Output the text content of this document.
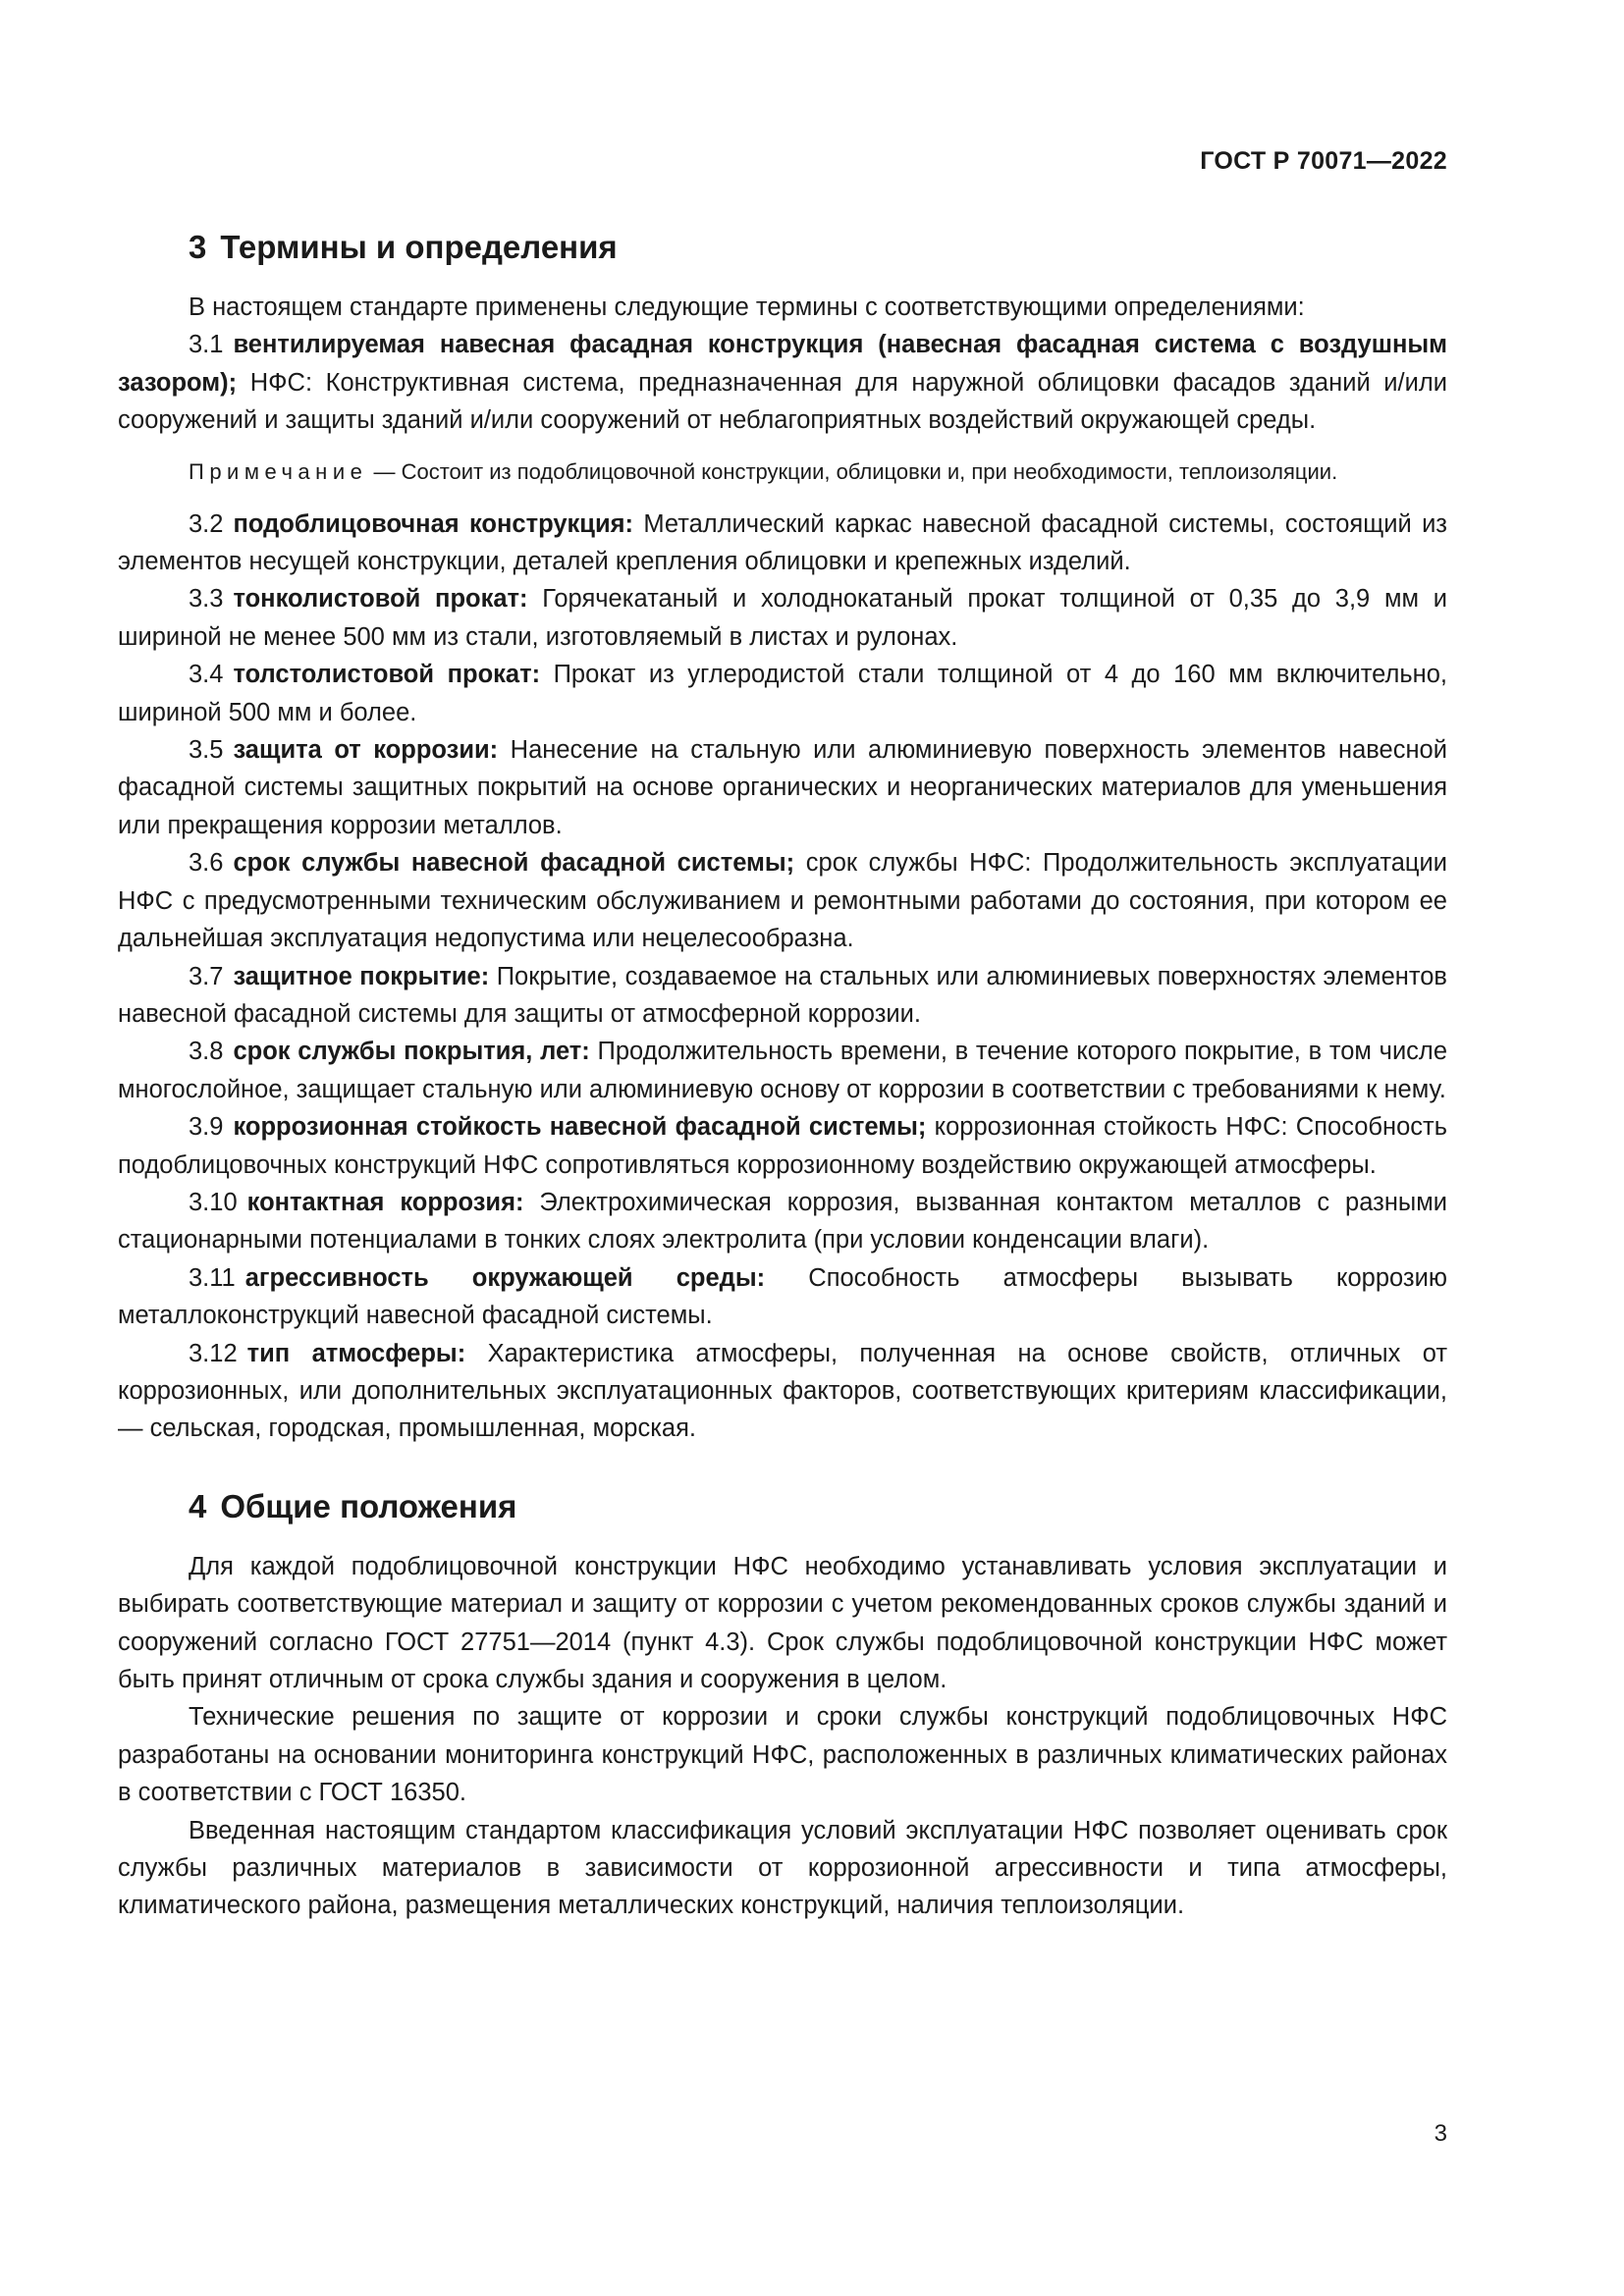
ГОСТ Р 70071—2022
3 Термины и определения

В настоящем стандарте применены следующие термины с соответствующими определениями:

3.1 вентилируемая навесная фасадная конструкция (навесная фасадная система с воздушным зазором); НФС: Конструктивная система, предназначенная для наружной облицовки фасадов зданий и/или сооружений и защиты зданий и/или сооружений от неблагоприятных воздействий окружающей среды.

Примечание — Состоит из подоблицовочной конструкции, облицовки и, при необходимости, теплоизоляции.

3.2 подоблицовочная конструкция: Металлический каркас навесной фасадной системы, состоящий из элементов несущей конструкции, деталей крепления облицовки и крепежных изделий.

3.3 тонколистовой прокат: Горячекатаный и холоднокатаный прокат толщиной от 0,35 до 3,9 мм и шириной не менее 500 мм из стали, изготовляемый в листах и рулонах.

3.4 толстолистовой прокат: Прокат из углеродистой стали толщиной от 4 до 160 мм включительно, шириной 500 мм и более.

3.5 защита от коррозии: Нанесение на стальную или алюминиевую поверхность элементов навесной фасадной системы защитных покрытий на основе органических и неорганических материалов для уменьшения или прекращения коррозии металлов.

3.6 срок службы навесной фасадной системы; срок службы НФС: Продолжительность эксплуатации НФС с предусмотренными техническим обслуживанием и ремонтными работами до состояния, при котором ее дальнейшая эксплуатация недопустима или нецелесообразна.

3.7 защитное покрытие: Покрытие, создаваемое на стальных или алюминиевых поверхностях элементов навесной фасадной системы для защиты от атмосферной коррозии.

3.8 срок службы покрытия, лет: Продолжительность времени, в течение которого покрытие, в том числе многослойное, защищает стальную или алюминиевую основу от коррозии в соответствии с требованиями к нему.

3.9 коррозионная стойкость навесной фасадной системы; коррозионная стойкость НФС: Способность подоблицовочных конструкций НФС сопротивляться коррозионному воздействию окружающей атмосферы.

3.10 контактная коррозия: Электрохимическая коррозия, вызванная контактом металлов с разными стационарными потенциалами в тонких слоях электролита (при условии конденсации влаги).

3.11 агрессивность окружающей среды: Способность атмосферы вызывать коррозию металлоконструкций навесной фасадной системы.

3.12 тип атмосферы: Характеристика атмосферы, полученная на основе свойств, отличных от коррозионных, или дополнительных эксплуатационных факторов, соответствующих критериям классификации, — сельская, городская, промышленная, морская.

4 Общие положения

Для каждой подоблицовочной конструкции НФС необходимо устанавливать условия эксплуатации и выбирать соответствующие материал и защиту от коррозии с учетом рекомендованных сроков службы зданий и сооружений согласно ГОСТ 27751—2014 (пункт 4.3). Срок службы подоблицовочной конструкции НФС может быть принят отличным от срока службы здания и сооружения в целом.

Технические решения по защите от коррозии и сроки службы конструкций подоблицовочных НФС разработаны на основании мониторинга конструкций НФС, расположенных в различных климатических районах в соответствии с ГОСТ 16350.

Введенная настоящим стандартом классификация условий эксплуатации НФС позволяет оценивать срок службы различных материалов в зависимости от коррозионной агрессивности и типа атмосферы, климатического района, размещения металлических конструкций, наличия теплоизоляции.

3
